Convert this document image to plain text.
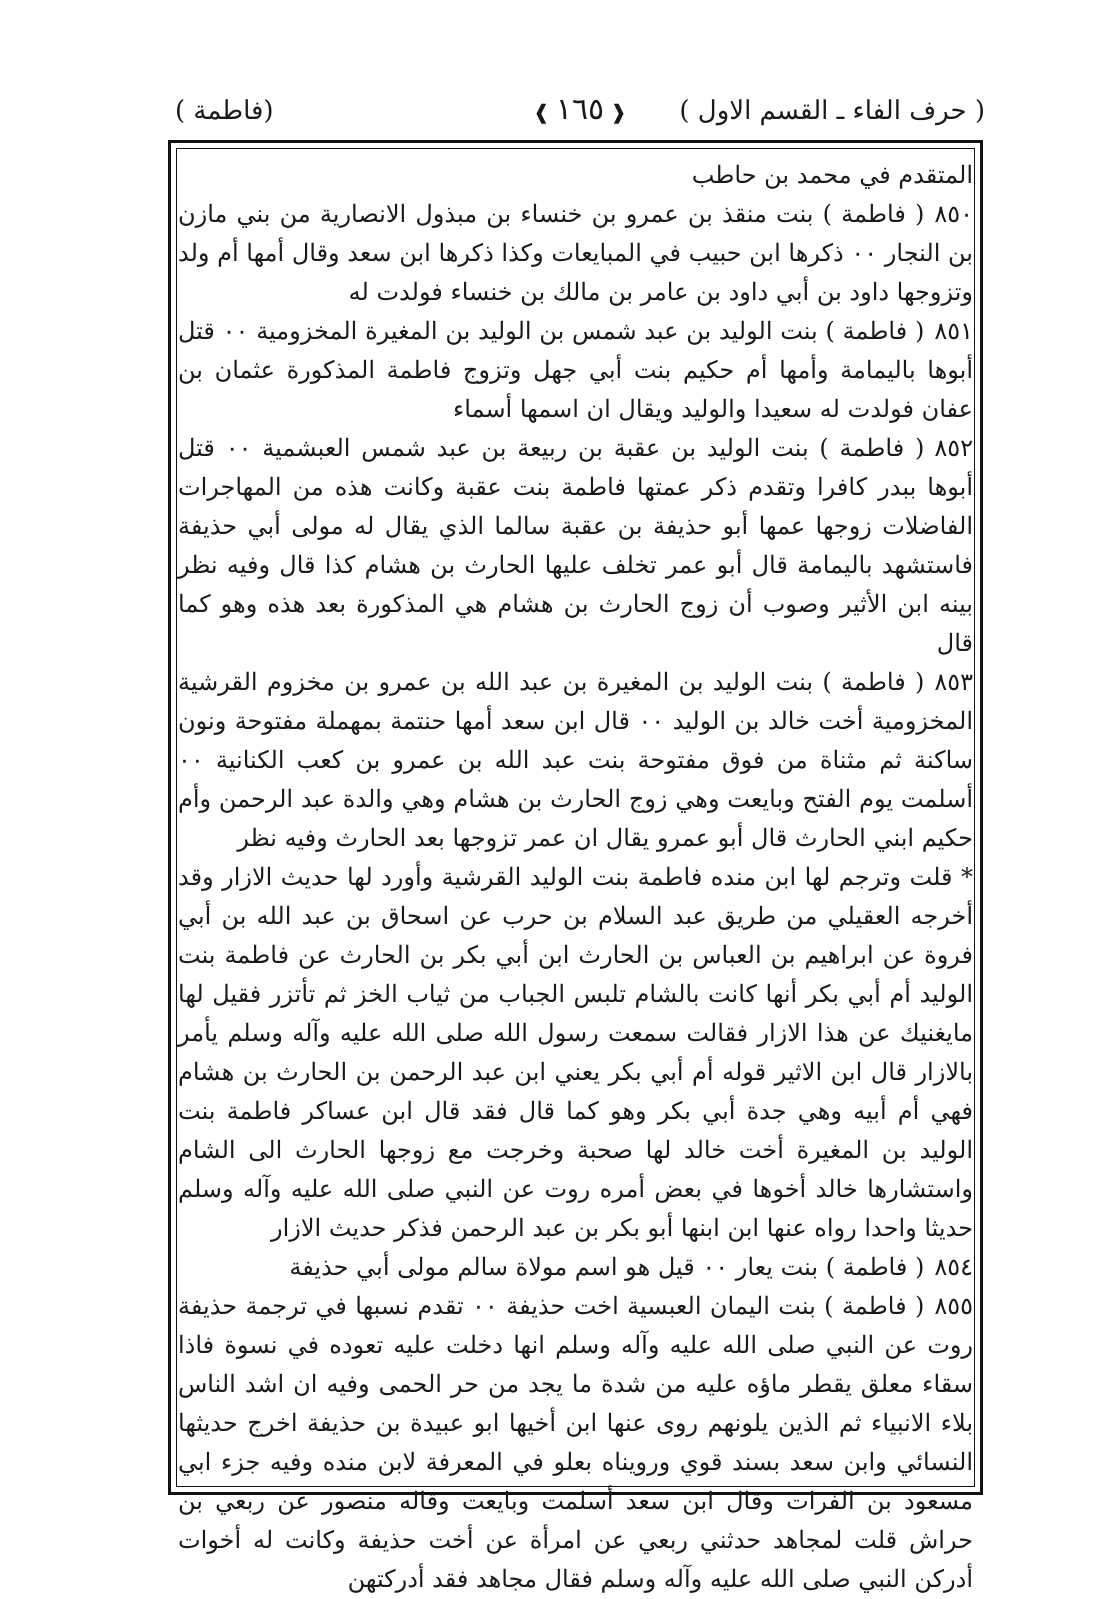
( حرف الفاء ـ القسم الاول )
❰١٦٥❱
(فاطمة )

المتقدم في محمد بن حاطب

٨٥٠( فاطمة ) بنت منقذ بن عمرو بن خنساء بن مبذول الانصارية من بني مازن بن النجار ٠٠ ذكرها ابن حبيب في المبايعات وكذا ذكرها ابن سعد وقال أمها أم ولد وتزوجها داود بن أبي داود بن عامر بن مالك بن خنساء فولدت له

٨٥١( فاطمة ) بنت الوليد بن عبد شمس بن الوليد بن المغيرة المخزومية ٠٠ قتل أبوها باليمامة وأمها أم حكيم بنت أبي جهل وتزوج فاطمة المذكورة عثمان بن عفان فولدت له سعيدا والوليد ويقال ان اسمها أسماء

٨٥٢( فاطمة ) بنت الوليد بن عقبة بن ربيعة بن عبد شمس العبشمية ٠٠ قتل أبوها ببدر كافرا وتقدم ذكر عمتها فاطمة بنت عقبة وكانت هذه من المهاجرات الفاضلات زوجها عمها أبو حذيفة بن عقبة سالما الذي يقال له مولى أبي حذيفة فاستشهد باليمامة قال أبو عمر تخلف عليها الحارث بن هشام كذا قال وفيه نظر بينه ابن الأثير وصوب أن زوج الحارث بن هشام هي المذكورة بعد هذه وهو كما قال

٨٥٣( فاطمة ) بنت الوليد بن المغيرة بن عبد الله بن عمرو بن مخزوم القرشية المخزومية أخت خالد بن الوليد ٠٠ قال ابن سعد أمها حنتمة بمهملة مفتوحة ونون ساكنة ثم مثناة من فوق مفتوحة بنت عبد الله بن عمرو بن كعب الكنانية ٠٠ أسلمت يوم الفتح وبايعت وهي زوج الحارث بن هشام وهي والدة عبد الرحمن وأم حكيم ابني الحارث قال أبو عمرو يقال ان عمر تزوجها بعد الحارث وفيه نظر

* قلت وترجم لها ابن منده فاطمة بنت الوليد القرشية وأورد لها حديث الازار وقد أخرجه العقيلي من طريق عبد السلام بن حرب عن اسحاق بن عبد الله بن أبي فروة عن ابراهيم بن العباس بن الحارث ابن أبي بكر بن الحارث عن فاطمة بنت الوليد أم أبي بكر أنها كانت بالشام تلبس الجباب من ثياب الخز ثم تأتزر فقيل لها مايغنيك عن هذا الازار فقالت سمعت رسول الله صلى الله عليه وآله وسلم يأمر بالازار قال ابن الاثير قوله أم أبي بكر يعني ابن عبد الرحمن بن الحارث بن هشام فهي أم أبيه وهي جدة أبي بكر وهو كما قال فقد قال ابن عساكر فاطمة بنت الوليد بن المغيرة أخت خالد لها صحبة وخرجت مع زوجها الحارث الى الشام واستشارها خالد أخوها في بعض أمره روت عن النبي صلى الله عليه وآله وسلم حديثا واحدا رواه عنها ابن ابنها أبو بكر بن عبد الرحمن فذكر حديث الازار

٨٥٤( فاطمة ) بنت يعار ٠٠ قيل هو اسم مولاة سالم مولى أبي حذيفة

٨٥٥( فاطمة ) بنت اليمان العبسية اخت حذيفة ٠٠ تقدم نسبها في ترجمة حذيفة روت عن النبي صلى الله عليه وآله وسلم انها دخلت عليه تعوده في نسوة فاذا سقاء معلق يقطر ماؤه عليه من شدة ما يجد من حر الحمى وفيه ان اشد الناس بلاء الانبياء ثم الذين يلونهم روى عنها ابن أخيها ابو عبيدة بن حذيفة اخرج حديثها النسائي وابن سعد بسند قوي ورويناه بعلو في المعرفة لابن منده وفيه جزء ابي مسعود بن الفرات وقال ابن سعد أسلمت وبايعت وقاله منصور عن ربعي بن حراش قلت لمجاهد حدثني ربعي عن امرأة عن أخت حذيفة وكانت له أخوات أدركن النبي صلى الله عليه وآله وسلم فقال مجاهد فقد أدركتهن
